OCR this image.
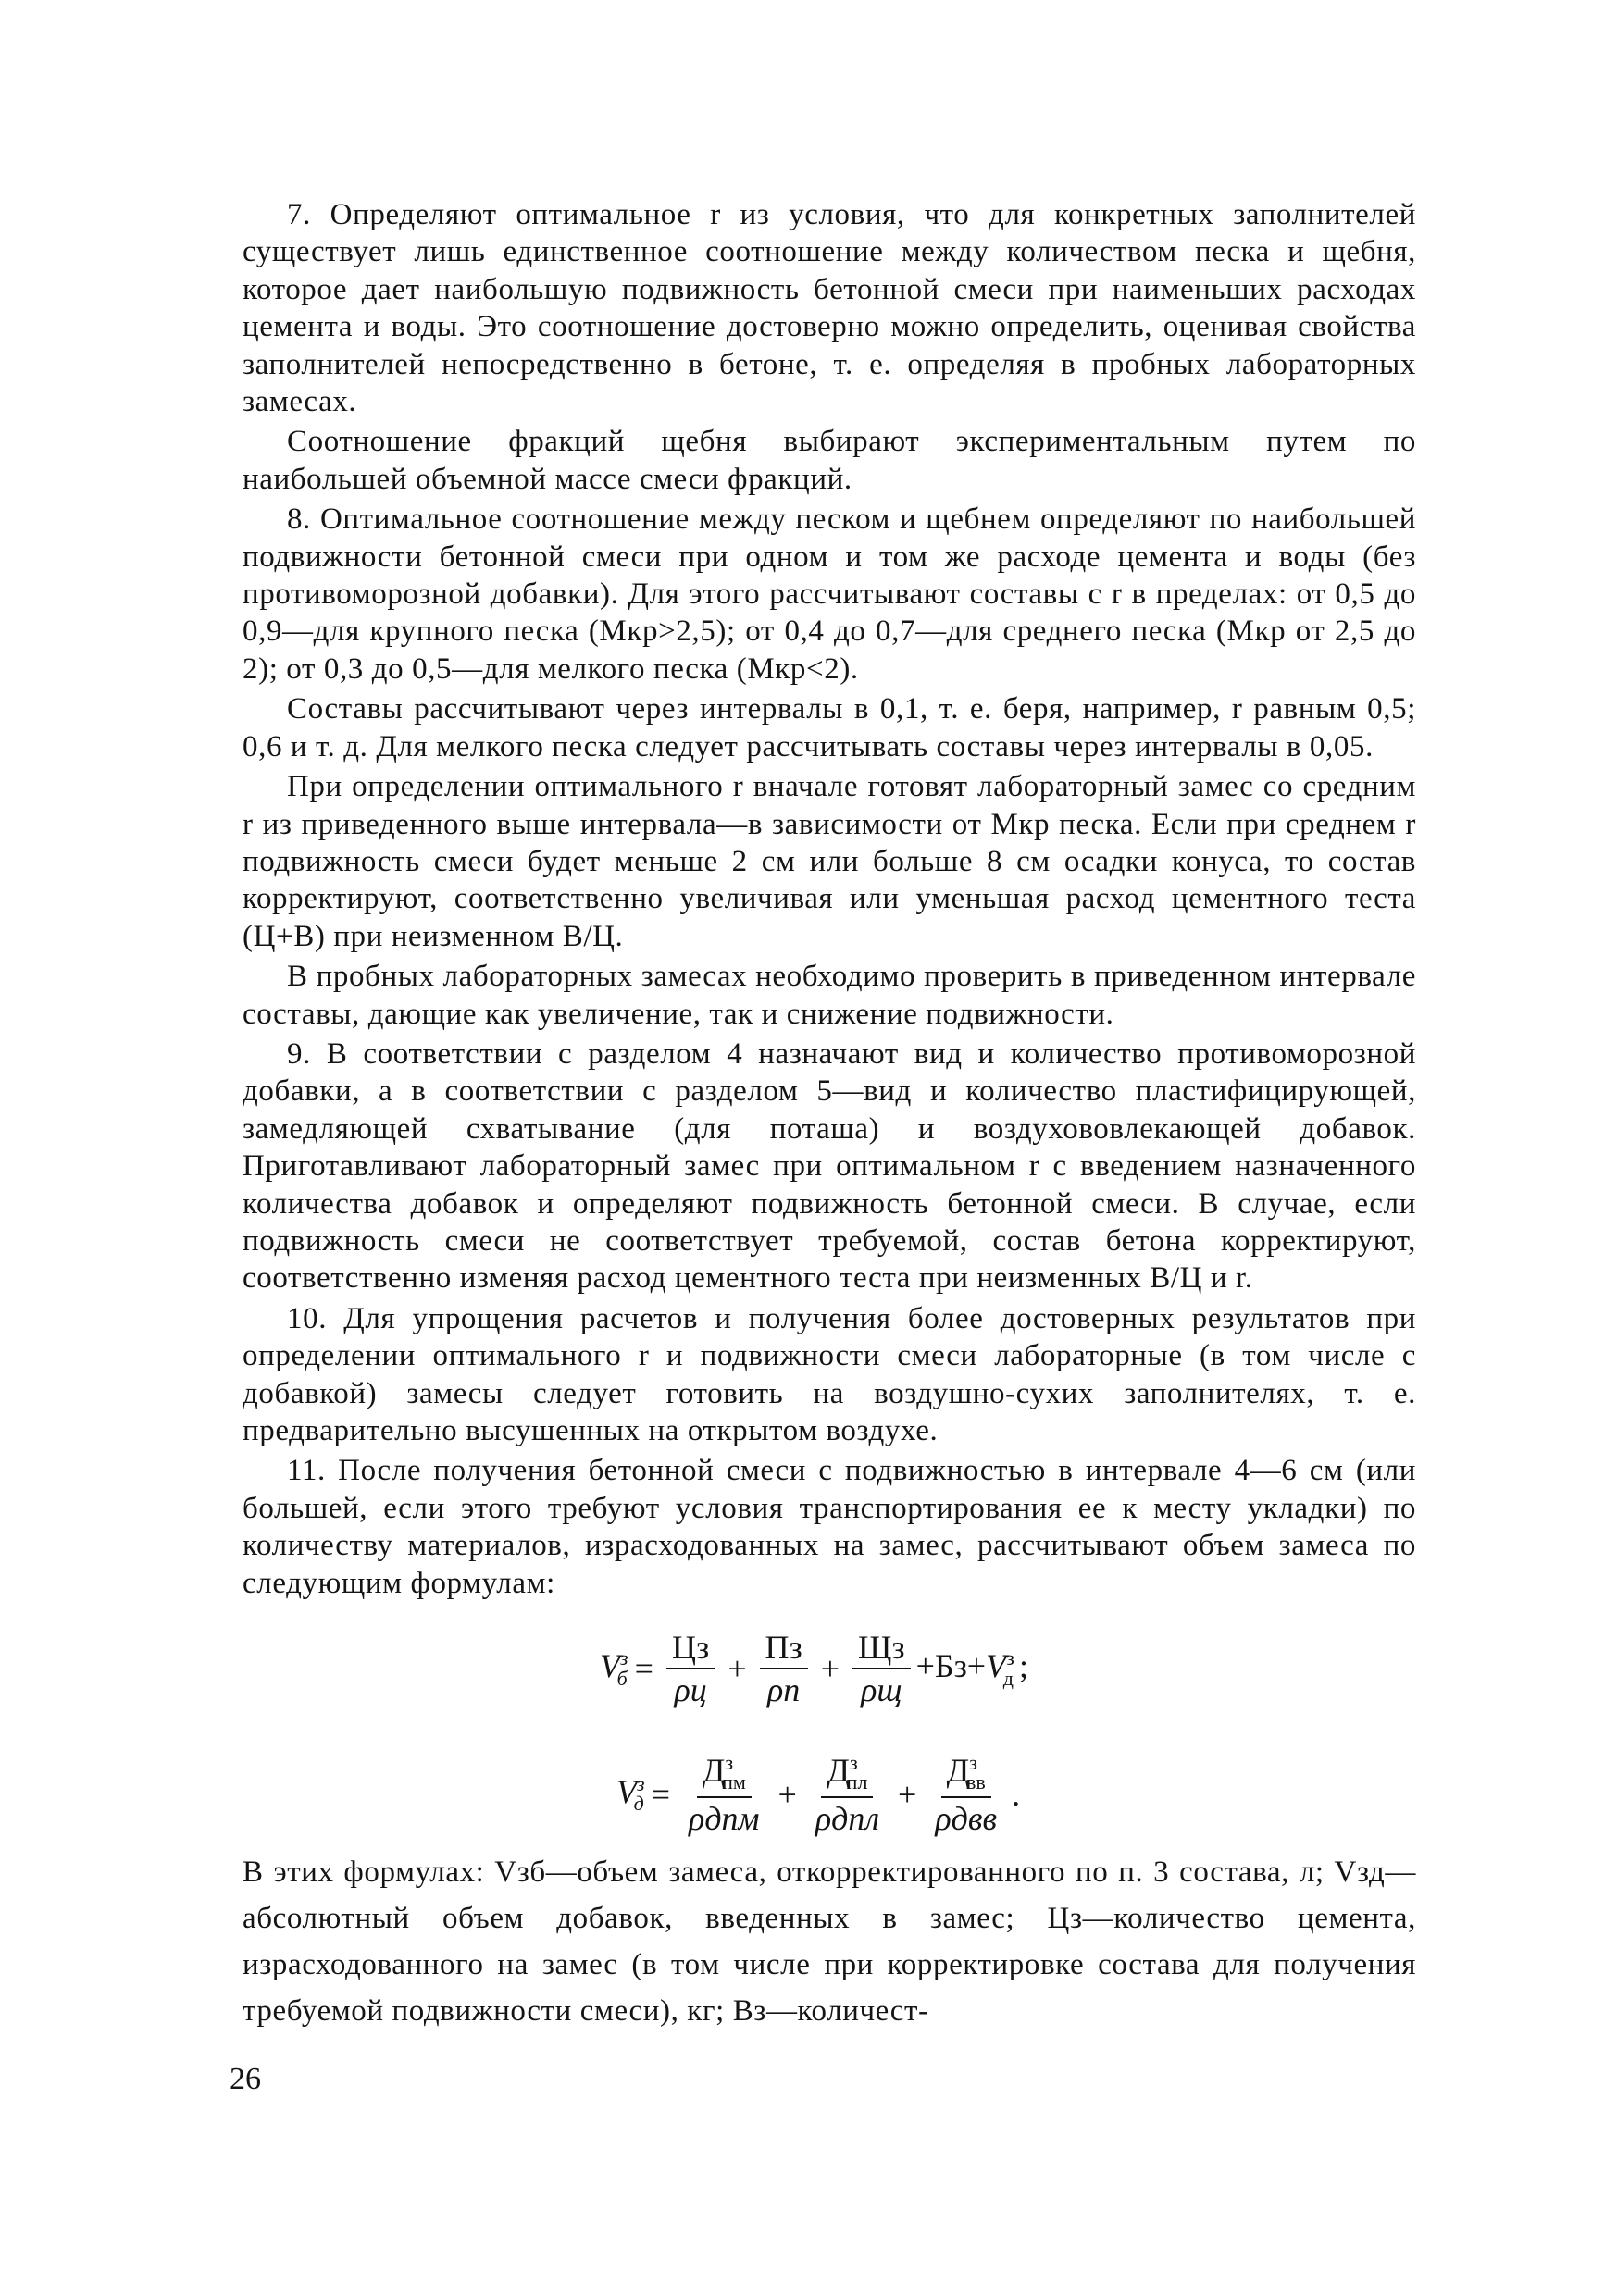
7. Определяют оптимальное r из условия, что для конкретных заполнителей существует лишь единственное соотношение между количеством песка и щебня, которое дает наибольшую подвижность бетонной смеси при наименьших расходах цемента и воды. Это соотношение достоверно можно определить, оценивая свойства заполнителей непосредственно в бетоне, т. е. определяя в пробных лабораторных замесах.

Соотношение фракций щебня выбирают экспериментальным путем по наибольшей объемной массе смеси фракций.

8. Оптимальное соотношение между песком и щебнем определяют по наибольшей подвижности бетонной смеси при одном и том же расходе цемента и воды (без противоморозной добавки). Для этого рассчитывают составы с r в пределах: от 0,5 до 0,9—для крупного песка (Мкр>2,5); от 0,4 до 0,7—для среднего песка (Мкр от 2,5 до 2); от 0,3 до 0,5—для мелкого песка (Мкр<2).

Составы рассчитывают через интервалы в 0,1, т. е. беря, например, r равным 0,5; 0,6 и т. д. Для мелкого песка следует рассчитывать составы через интервалы в 0,05.

При определении оптимального r вначале готовят лабораторный замес со средним r из приведенного выше интервала—в зависимости от Мкр песка. Если при среднем r подвижность смеси будет меньше 2 см или больше 8 см осадки конуса, то состав корректируют, соответственно увеличивая или уменьшая расход цементного теста (Ц+В) при неизменном В/Ц.

В пробных лабораторных замесах необходимо проверить в приведенном интервале составы, дающие как увеличение, так и снижение подвижности.

9. В соответствии с разделом 4 назначают вид и количество противоморозной добавки, а в соответствии с разделом 5—вид и количество пластифицирующей, замедляющей схватывание (для поташа) и воздухововлекающей добавок. Приготавливают лабораторный замес при оптимальном r с введением назначенного количества добавок и определяют подвижность бетонной смеси. В случае, если подвижность смеси не соответствует требуемой, состав бетона корректируют, соответственно изменяя расход цементного теста при неизменных В/Ц и r.

10. Для упрощения расчетов и получения более достоверных результатов при определении оптимального r и подвижности смеси лабораторные (в том числе с добавкой) замесы следует готовить на воздушно-сухих заполнителях, т. е. предварительно высушенных на открытом воздухе.

11. После получения бетонной смеси с подвижностью в интервале 4—6 см (или большей, если этого требуют условия транспортирования ее к месту укладки) по количеству материалов, израсходованных на замес, рассчитывают объем замеса по следующим формулам:

$V^з_б = \frac{Цз}{\rho ц} + \frac{Пз}{\rho п} + \frac{Щз}{\rho щ} +Бз+V^з_д$ ;
$V^з_д = \frac{Д^з_{пм}}{\text{ρдпм}} + \frac{Д^з_{пл}}{\text{ρдпл}} + \frac{Д^з_{вв}}{\text{ρдвв}}$ .

В этих формулах: Vзб—объем замеса, откорректированного по п. 3 состава, л; Vзд—абсолютный объем добавок, введенных в замес; Цз—количество цемента, израсходованного на замес (в том числе при корректировке состава для получения требуемой подвижности смеси), кг; Вз—количест-

26
